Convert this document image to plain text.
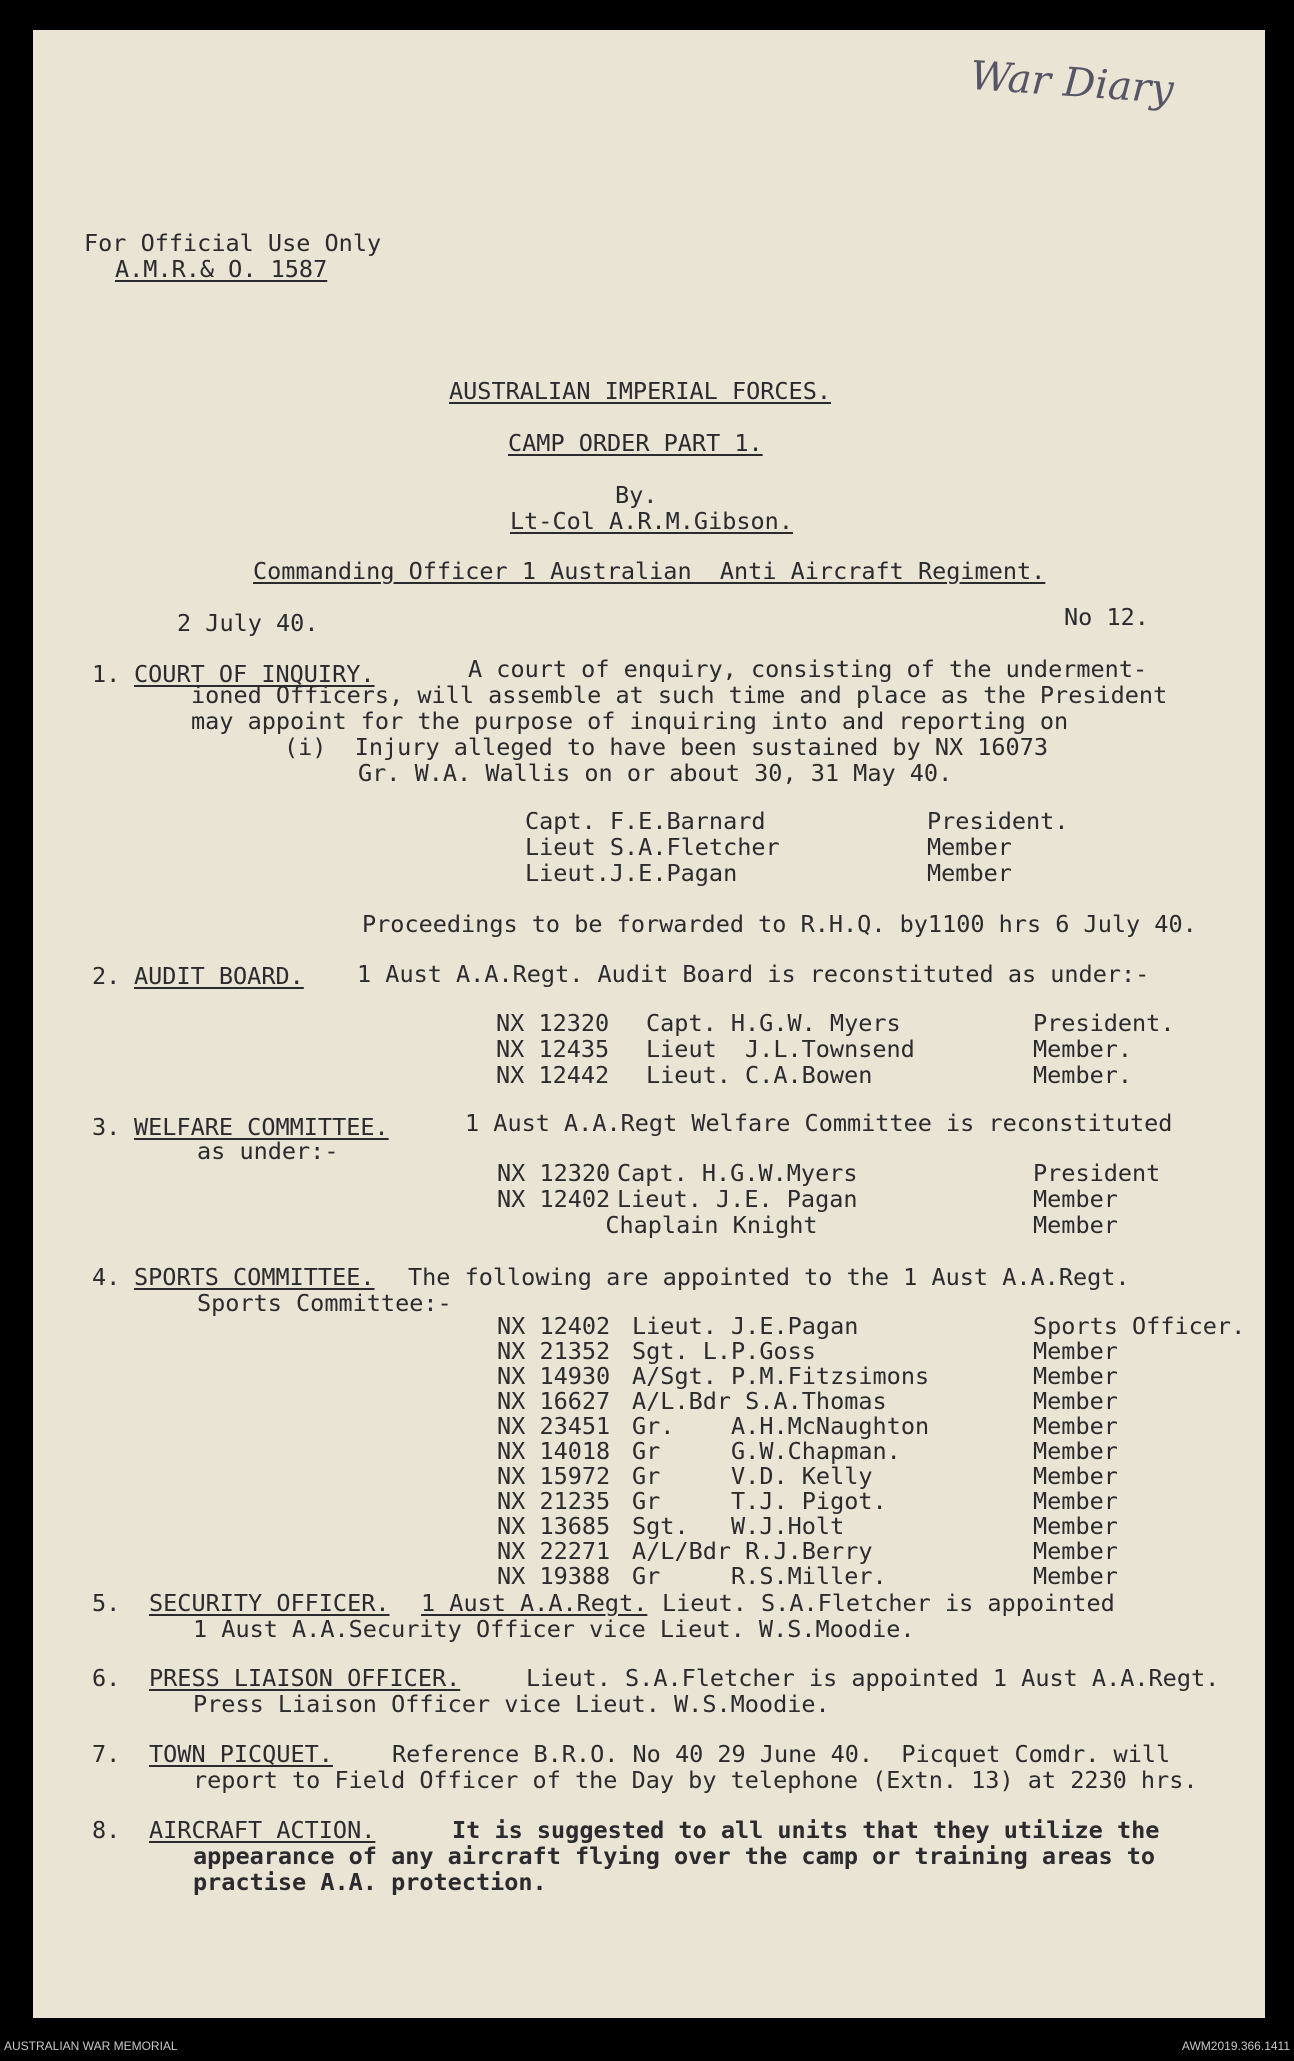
War Diary
For Official Use Only
A.M.R.& O. 1587
AUSTRALIAN IMPERIAL FORCES.
CAMP ORDER PART 1.
By.
Lt-Col A.R.M.Gibson.
Commanding Officer 1 Australian  Anti Aircraft Regiment.
2 July 40.	No 12.
1. COURT OF INQUIRY.	A court of enquiry, consisting of the underment-
ioned Officers, will assemble at such time and place as the President
may appoint for the purpose of inquiring into and reporting on
(i)  Injury alleged to have been sustained by NX 16073
Gr. W.A. Wallis on or about 30, 31 May 40.
Capt. F.E.Barnard	President.
Lieut S.A.Fletcher	Member
Lieut.J.E.Pagan	Member
Proceedings to be forwarded to R.H.Q. by1100 hrs 6 July 40.
2. AUDIT BOARD. 1 Aust A.A.Regt. Audit Board is reconstituted as under:-
NX 12320 Capt. H.G.W. Myers	President.
NX 12435 Lieut  J.L.Townsend	Member.
NX 12442 Lieut. C.A.Bowen	Member.
3. WELFARE COMMITTEE.	1 Aust A.A.Regt Welfare Committee is reconstituted
as under:-
NX 12320 Capt. H.G.W.Myers	President
NX 12402 Lieut. J.E. Pagan	Member
Chaplain Knight	Member
4. SPORTS COMMITTEE. The following are appointed to the 1 Aust A.A.Regt.
Sports Committee:-
NX 12402 Lieut. J.E.Pagan	Sports Officer.
NX 21352 Sgt. L.P.Goss	Member
NX 14930 A/Sgt. P.M.Fitzsimons	Member
NX 16627 A/L.Bdr S.A.Thomas	Member
NX 23451 Gr.    A.H.McNaughton	Member
NX 14018 Gr     G.W.Chapman.	Member
NX 15972 Gr     V.D. Kelly	Member
NX 21235 Gr     T.J. Pigot.	Member
NX 13685 Sgt.   W.J.Holt	Member
NX 22271 A/L/Bdr R.J.Berry	Member
NX 19388 Gr     R.S.Miller.	Member
5. SECURITY OFFICER. 1 Aust A.A.Regt. Lieut. S.A.Fletcher is appointed
1 Aust A.A.Security Officer vice Lieut. W.S.Moodie.
6. PRESS LIAISON OFFICER.	Lieut. S.A.Fletcher is appointed 1 Aust A.A.Regt.
Press Liaison Officer vice Lieut. W.S.Moodie.
7. TOWN PICQUET.	Reference B.R.O. No 40 29 June 40.  Picquet Comdr. will
report to Field Officer of the Day by telephone (Extn. 13) at 2230 hrs.
8. AIRCRAFT ACTION.	It is suggested to all units that they utilize the
appearance of any aircraft flying over the camp or training areas to
practise A.A. protection.
AUSTRALIAN WAR MEMORIAL	AWM2019.366.1411
